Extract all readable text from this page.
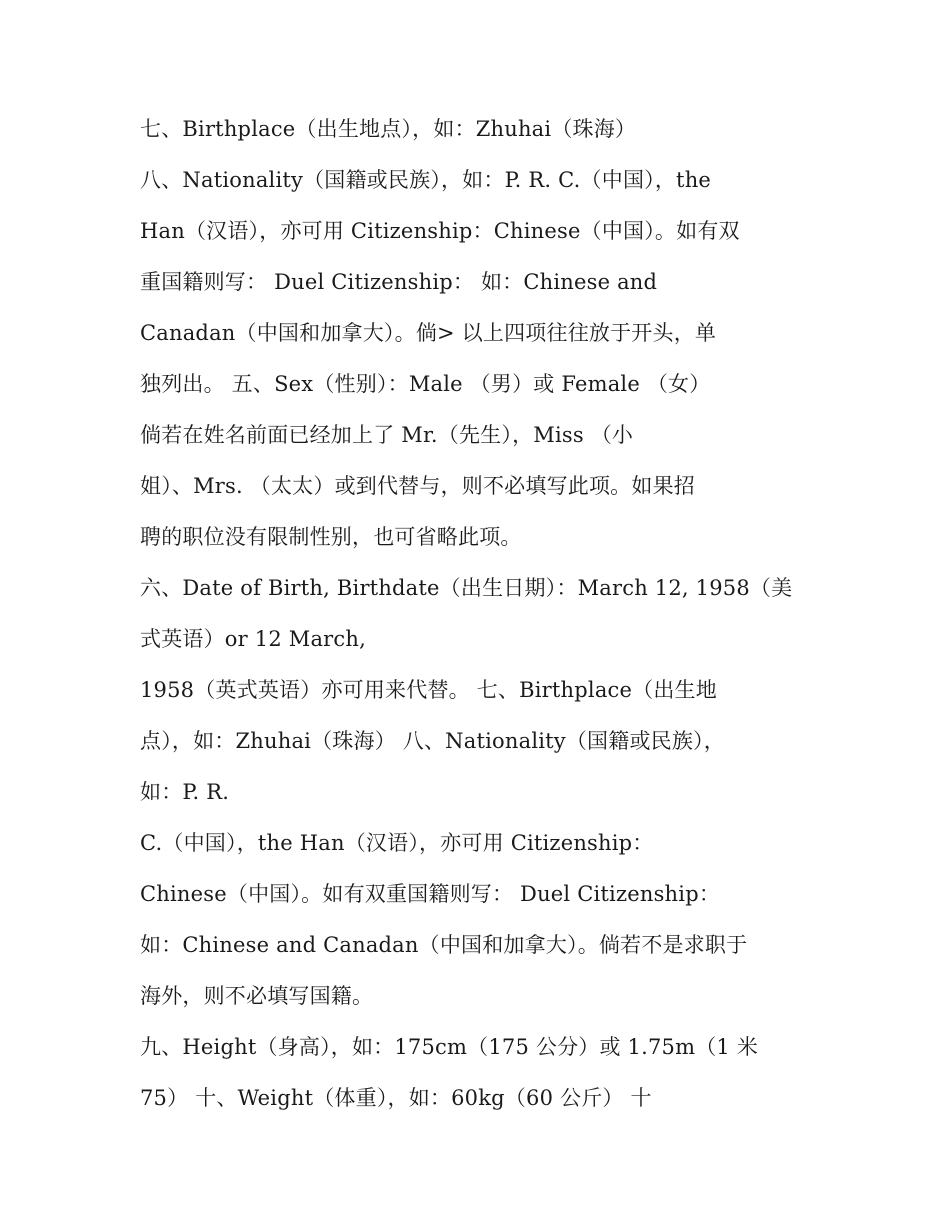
七、Birthplace（出生地点），如：Zhuhai（珠海）
八、Nationality（国籍或民族），如：P. R. C.（中国），the
Han（汉语），亦可用 Citizenship：Chinese（中国）。如有双
重国籍则写： Duel Citizenship： 如：Chinese and
Canadan（中国和加拿大）。倘> 以上四项往往放于开头，单
独列出。 五、Sex（性别）：Male （男）或 Female （女）
倘若在姓名前面已经加上了 Mr.（先生），Miss （小
姐）、Mrs. （太太）或到代替与，则不必填写此项。如果招
聘的职位没有限制性别，也可省略此项。
六、Date of Birth, Birthdate（出生日期）：March 12, 1958（美
式英语）or 12 March,
1958（英式英语）亦可用来代替。 七、Birthplace（出生地
点），如：Zhuhai（珠海） 八、Nationality（国籍或民族），
如：P. R.
C.（中国），the Han（汉语），亦可用 Citizenship：
Chinese（中国）。如有双重国籍则写： Duel Citizenship：
如：Chinese and Canadan（中国和加拿大）。倘若不是求职于
海外，则不必填写国籍。
九、Height（身高），如：175cm（175 公分）或 1.75m（1 米
75） 十、Weight（体重），如：60kg（60 公斤） 十
